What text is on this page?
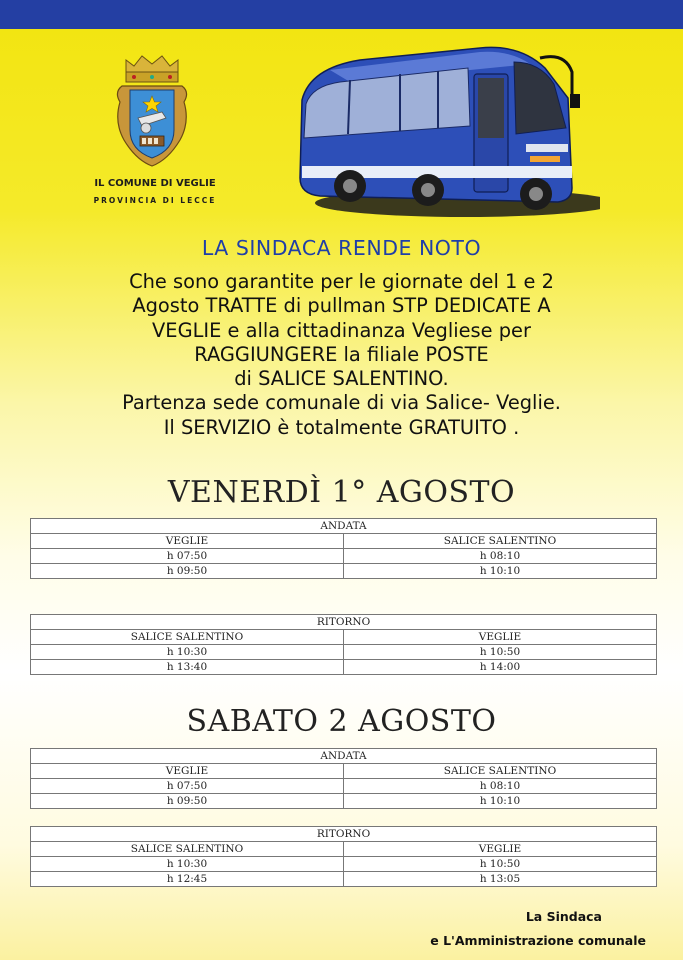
IL COMUNE DI VEGLIE
PROVINCIA DI LECCE
LA SINDACA RENDE NOTO
Che sono garantite per le giornate del 1 e 2
Agosto TRATTE di pullman STP DEDICATE A
VEGLIE e alla cittadinanza Vegliese per
RAGGIUNGERE la filiale POSTE
di SALICE SALENTINO.
Partenza sede comunale di via Salice- Veglie.
Il SERVIZIO è totalmente GRATUITO .
VENERDÌ 1° AGOSTO
ANDATA	
VEGLIE	SALICE SALENTINO
h 07:50	h 08:10
h 09:50	h 10:10
RITORNO	
SALICE SALENTINO	VEGLIE
h 10:30	h 10:50
h 13:40	h 14:00
SABATO 2 AGOSTO
ANDATA	
VEGLIE	SALICE SALENTINO
h 07:50	h 08:10
h 09:50	h 10:10
RITORNO	
SALICE SALENTINO	VEGLIE
h 10:30	h 10:50
h 12:45	h 13:05
La Sindaca
e L'Amministrazione comunale
